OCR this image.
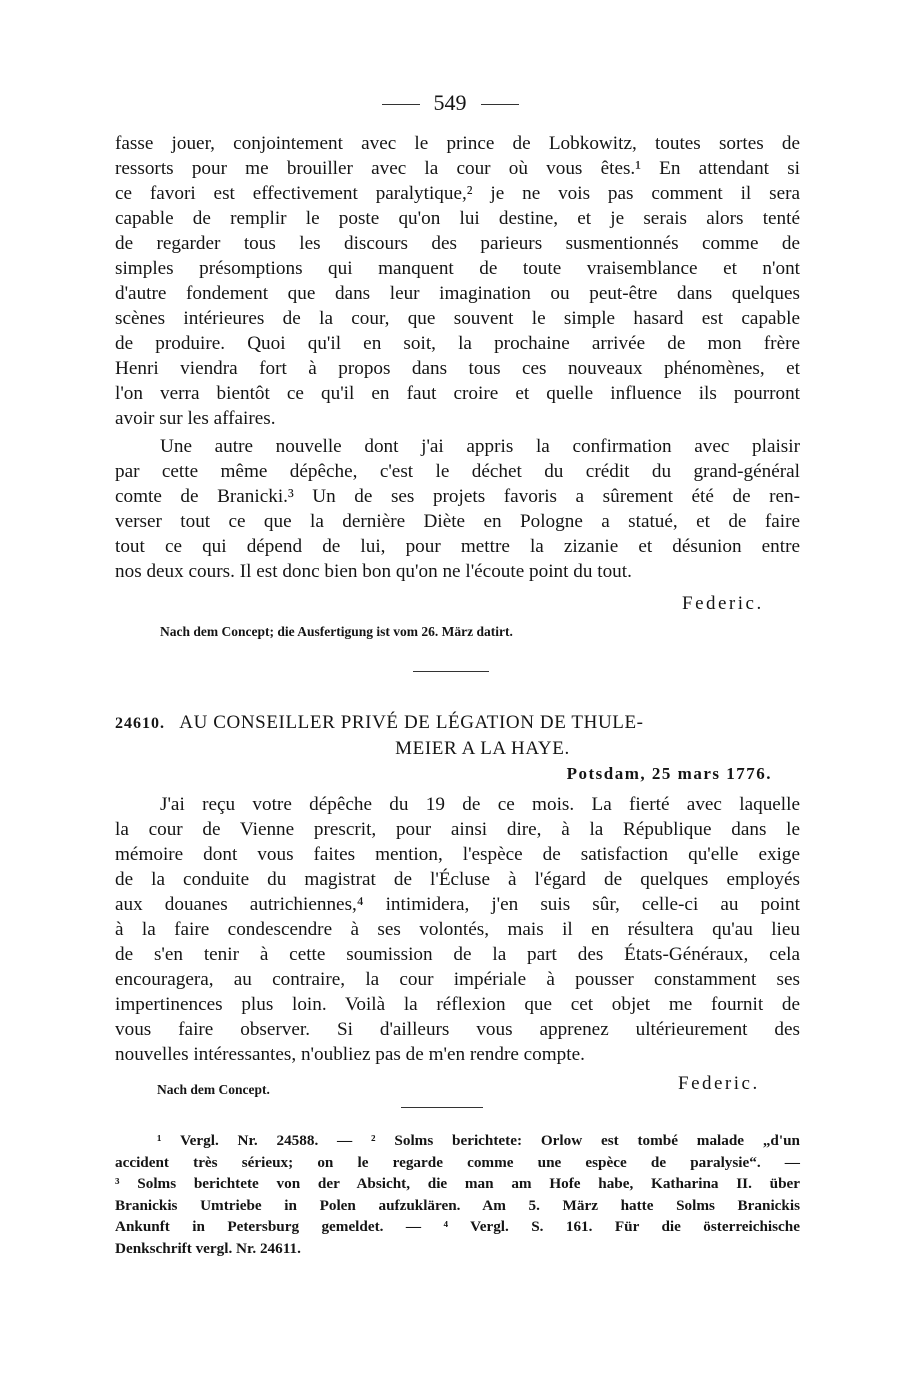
549
fasse jouer, conjointement avec le prince de Lobkowitz, toutes sortes de
ressorts pour me brouiller avec la cour où vous êtes.¹ En attendant si
ce favori est effectivement paralytique,² je ne vois pas comment il sera
capable de remplir le poste qu'on lui destine, et je serais alors tenté
de regarder tous les discours des parieurs susmentionnés comme de
simples présomptions qui manquent de toute vraisemblance et n'ont
d'autre fondement que dans leur imagination ou peut-être dans quelques
scènes intérieures de la cour, que souvent le simple hasard est capable
de produire. Quoi qu'il en soit, la prochaine arrivée de mon frère
Henri viendra fort à propos dans tous ces nouveaux phénomènes, et
l'on verra bientôt ce qu'il en faut croire et quelle influence ils pourront
avoir sur les affaires.
Une autre nouvelle dont j'ai appris la confirmation avec plaisir
par cette même dépêche, c'est le déchet du crédit du grand-général
comte de Branicki.³ Un de ses projets favoris a sûrement été de ren-
verser tout ce que la dernière Diète en Pologne a statué, et de faire
tout ce qui dépend de lui, pour mettre la zizanie et désunion entre
nos deux cours. Il est donc bien bon qu'on ne l'écoute point du tout.
Federic.
Nach dem Concept; die Ausfertigung ist vom 26. März datirt.
24610. AU CONSEILLER PRIVÉ DE LÉGATION DE THULE-
MEIER A LA HAYE.
Potsdam, 25 mars 1776.
J'ai reçu votre dépêche du 19 de ce mois. La fierté avec laquelle
la cour de Vienne prescrit, pour ainsi dire, à la République dans le
mémoire dont vous faites mention, l'espèce de satisfaction qu'elle exige
de la conduite du magistrat de l'Écluse à l'égard de quelques employés
aux douanes autrichiennes,⁴ intimidera, j'en suis sûr, celle-ci au point
à la faire condescendre à ses volontés, mais il en résultera qu'au lieu
de s'en tenir à cette soumission de la part des États-Généraux, cela
encouragera, au contraire, la cour impériale à pousser constamment ses
impertinences plus loin. Voilà la réflexion que cet objet me fournit de
vous faire observer. Si d'ailleurs vous apprenez ultérieurement des
nouvelles intéressantes, n'oubliez pas de m'en rendre compte.
Nach dem Concept.	Federic.
¹ Vergl. Nr. 24588. — ² Solms berichtete: Orlow est tombé malade „d'un
accident très sérieux; on le regarde comme une espèce de paralysie“. —
³ Solms berichtete von der Absicht, die man am Hofe habe, Katharina II. über
Branickis Umtriebe in Polen aufzuklären. Am 5. März hatte Solms Branickis
Ankunft in Petersburg gemeldet. — ⁴ Vergl. S. 161. Für die österreichische
Denkschrift vergl. Nr. 24611.
